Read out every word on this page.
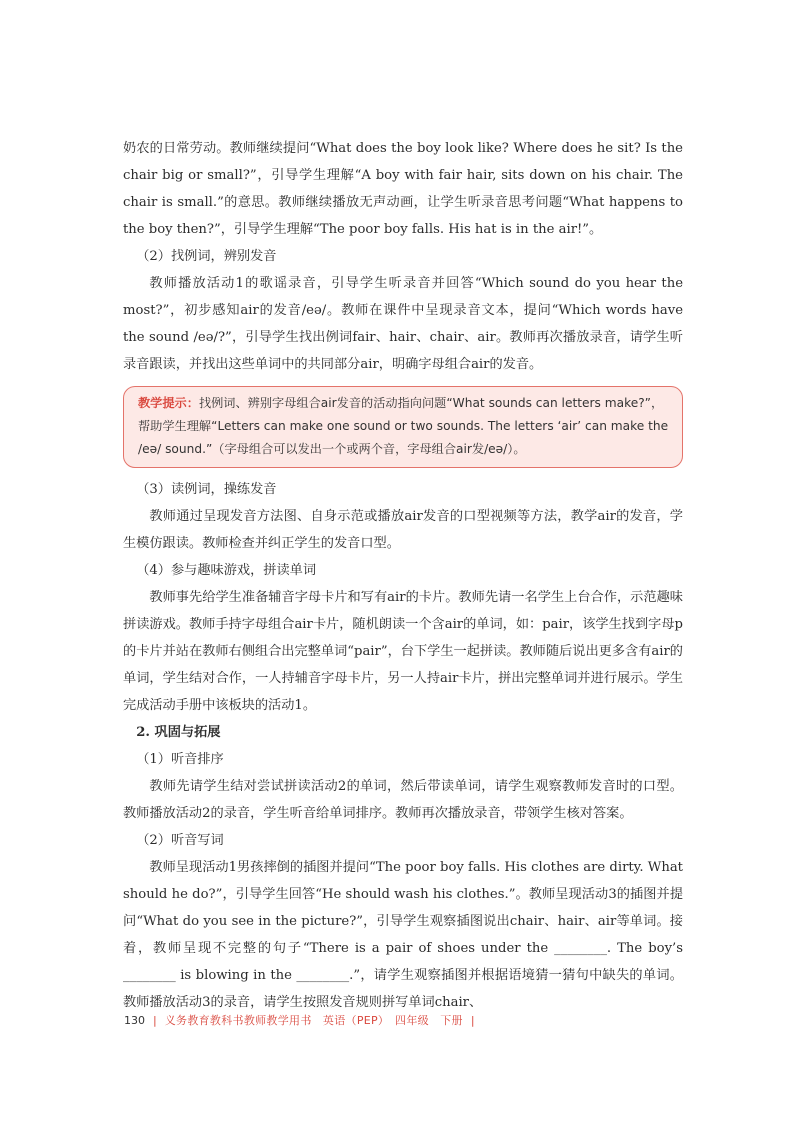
奶农的日常劳动。教师继续提问“What does the boy look like? Where does he sit? Is the chair big or small?”，引导学生理解“A boy with fair hair, sits down on his chair. The chair is small.”的意思。教师继续播放无声动画，让学生听录音思考问题“What happens to the boy then?”，引导学生理解“The poor boy falls. His hat is in the air!”。

（2）找例词，辨别发音

教师播放活动1的歌谣录音，引导学生听录音并回答“Which sound do you hear the most?”，初步感知air的发音/eə/。教师在课件中呈现录音文本，提问“Which words have the sound /eə/?”，引导学生找出例词fair、hair、chair、air。教师再次播放录音，请学生听录音跟读，并找出这些单词中的共同部分air，明确字母组合air的发音。

教学提示：找例词、辨别字母组合air发音的活动指向问题“What sounds can letters make?”，帮助学生理解“Letters can make one sound or two sounds. The letters ‘air’ can make the /eə/ sound.”（字母组合可以发出一个或两个音，字母组合air发/eə/）。
（3）读例词，操练发音

教师通过呈现发音方法图、自身示范或播放air发音的口型视频等方法，教学air的发音，学生模仿跟读。教师检查并纠正学生的发音口型。

（4）参与趣味游戏，拼读单词

教师事先给学生准备辅音字母卡片和写有air的卡片。教师先请一名学生上台合作，示范趣味拼读游戏。教师手持字母组合air卡片，随机朗读一个含air的单词，如：pair，该学生找到字母p的卡片并站在教师右侧组合出完整单词“pair”，台下学生一起拼读。教师随后说出更多含有air的单词，学生结对合作，一人持辅音字母卡片，另一人持air卡片，拼出完整单词并进行展示。学生完成活动手册中该板块的活动1。

2. 巩固与拓展
（1）听音排序

教师先请学生结对尝试拼读活动2的单词，然后带读单词，请学生观察教师发音时的口型。教师播放活动2的录音，学生听音给单词排序。教师再次播放录音，带领学生核对答案。

（2）听音写词

教师呈现活动1男孩摔倒的插图并提问“The poor boy falls. His clothes are dirty. What should he do?”，引导学生回答“He should wash his clothes.”。教师呈现活动3的插图并提问“What do you see in the picture?”，引导学生观察插图说出chair、hair、air等单词。接着，教师呈现不完整的句子“There is a pair of shoes under the ________. The boy’s ________ is blowing in the ________.”，请学生观察插图并根据语境猜一猜句中缺失的单词。教师播放活动3的录音，请学生按照发音规则拼写单词chair、

130 | 义务教育教科书教师教学用书　英语（PEP）　四年级　下册 |
